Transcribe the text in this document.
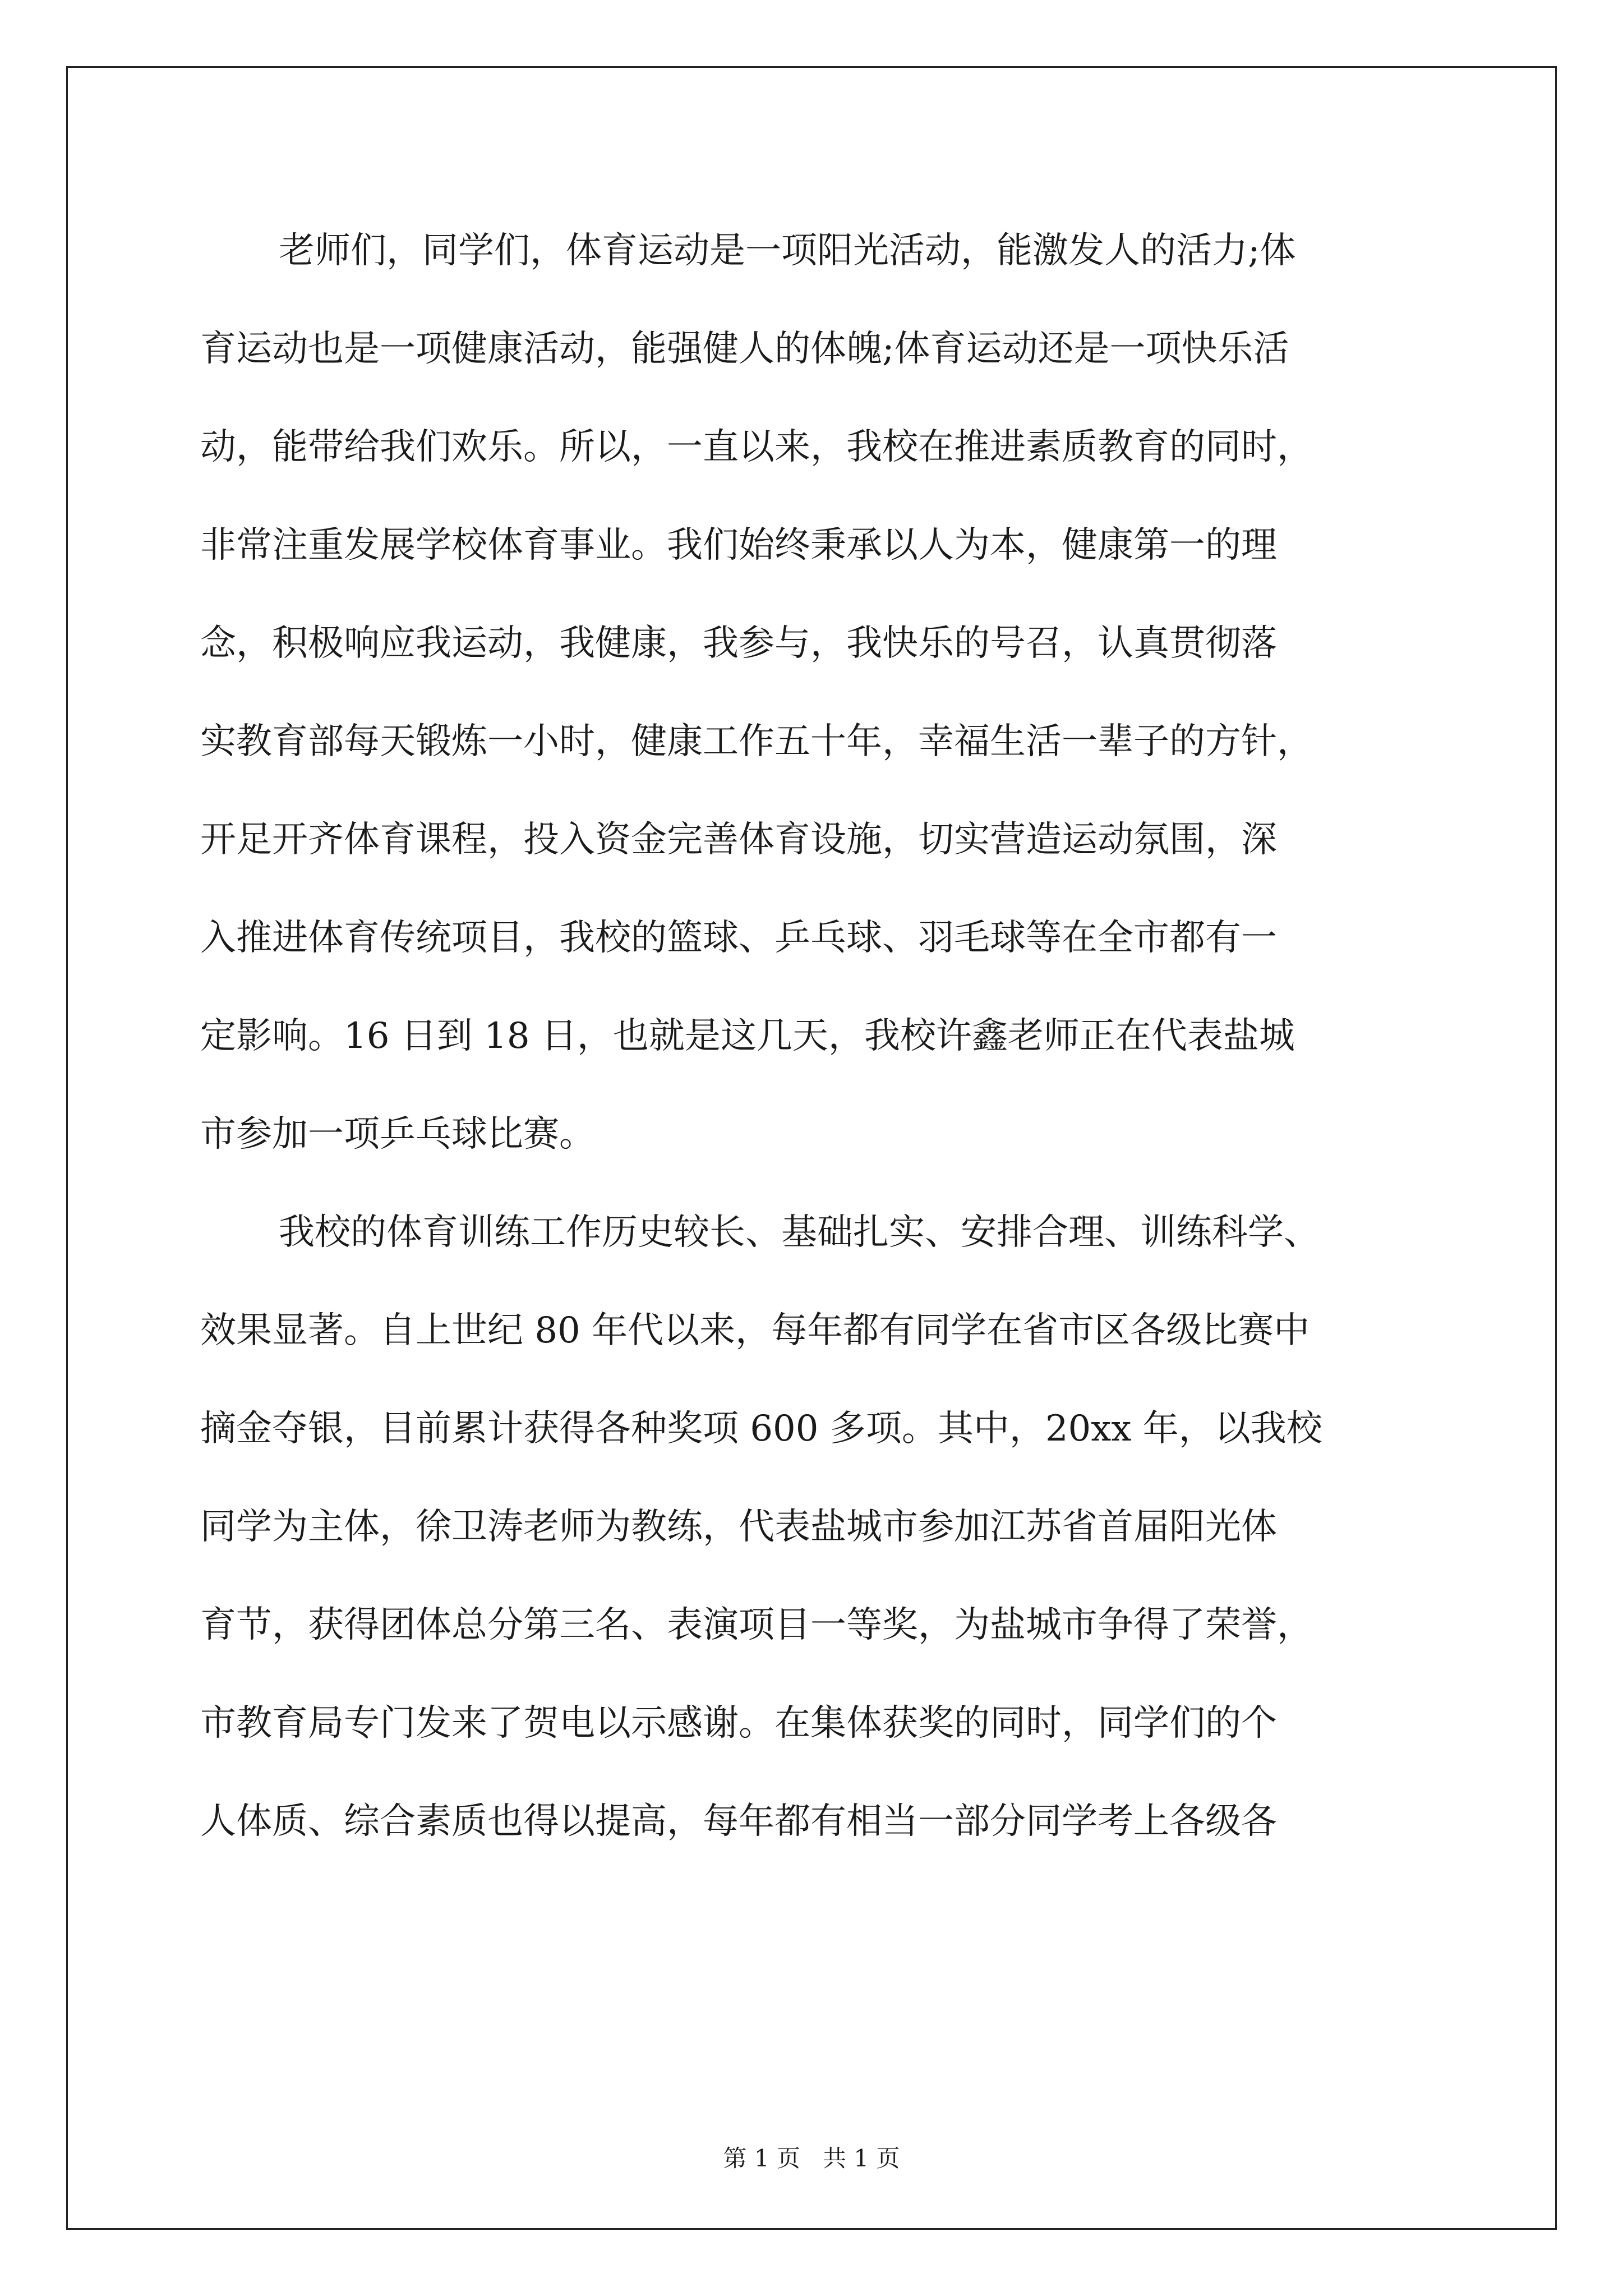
老师们，同学们，体育运动是一项阳光活动，能激发人的活力;体
育运动也是一项健康活动，能强健人的体魄;体育运动还是一项快乐活
动，能带给我们欢乐。所以，一直以来，我校在推进素质教育的同时，
非常注重发展学校体育事业。我们始终秉承以人为本，健康第一的理
念，积极响应我运动，我健康，我参与，我快乐的号召，认真贯彻落
实教育部每天锻炼一小时，健康工作五十年，幸福生活一辈子的方针，
开足开齐体育课程，投入资金完善体育设施，切实营造运动氛围，深
入推进体育传统项目，我校的篮球、乒乓球、羽毛球等在全市都有一
定影响。16 日到 18 日，也就是这几天，我校许鑫老师正在代表盐城
市参加一项乒乓球比赛。
我校的体育训练工作历史较长、基础扎实、安排合理、训练科学、
效果显著。自上世纪 80 年代以来，每年都有同学在省市区各级比赛中
摘金夺银，目前累计获得各种奖项 600 多项。其中，20xx 年，以我校
同学为主体，徐卫涛老师为教练，代表盐城市参加江苏省首届阳光体
育节，获得团体总分第三名、表演项目一等奖，为盐城市争得了荣誉，
市教育局专门发来了贺电以示感谢。在集体获奖的同时，同学们的个
人体质、综合素质也得以提高，每年都有相当一部分同学考上各级各
第 1 页 共 1 页
